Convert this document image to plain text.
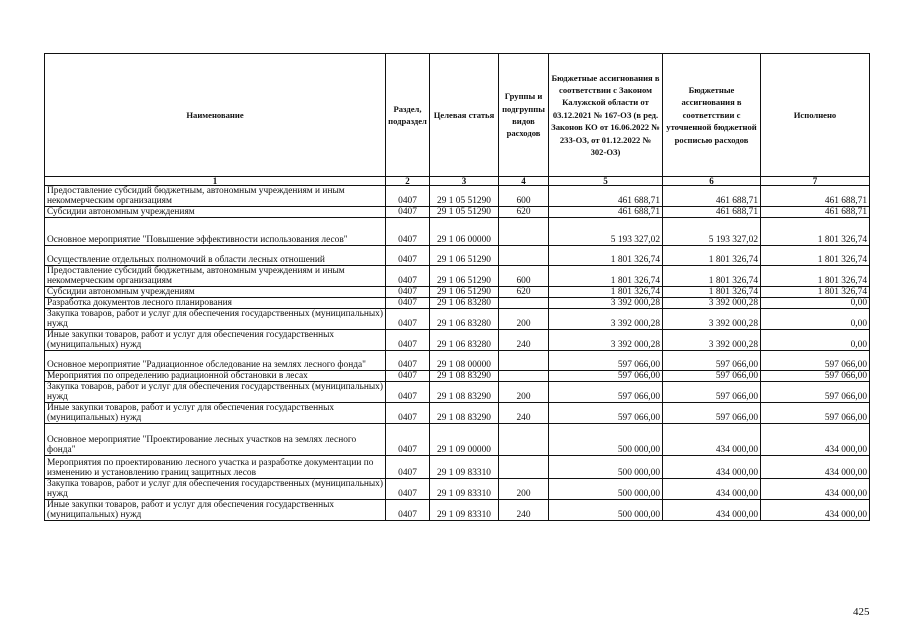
Наименование	Раздел, подраздел	Целевая статья	Группы и подгруппы видов расходов	Бюджетные ассигнования в соответствии с Законом Калужской области от 03.12.2021 № 167-ОЗ (в ред. Законов КО от 16.06.2022 № 233-ОЗ, от 01.12.2022 № 302-ОЗ)	Бюджетные ассигнования в соответствии с уточненной бюджетной росписью расходов	Исполнено
1	2	3	4	5	6	7
Предоставление субсидий бюджетным, автономным учреждениям и иным некоммерческим организациям	0407	29 1 05 51290	600	461 688,71	461 688,71	461 688,71
Субсидии автономным учреждениям	0407	29 1 05 51290	620	461 688,71	461 688,71	461 688,71
Основное мероприятие "Повышение эффективности использования лесов"	0407	29 1 06 00000		5 193 327,02	5 193 327,02	1 801 326,74
Осуществление отдельных полномочий в области лесных отношений	0407	29 1 06 51290		1 801 326,74	1 801 326,74	1 801 326,74
Предоставление субсидий бюджетным, автономным учреждениям и иным некоммерческим организациям	0407	29 1 06 51290	600	1 801 326,74	1 801 326,74	1 801 326,74
Субсидии автономным учреждениям	0407	29 1 06 51290	620	1 801 326,74	1 801 326,74	1 801 326,74
Разработка документов лесного планирования	0407	29 1 06 83280		3 392 000,28	3 392 000,28	0,00
Закупка товаров, работ и услуг для обеспечения государственных (муниципальных) нужд	0407	29 1 06 83280	200	3 392 000,28	3 392 000,28	0,00
Иные закупки товаров, работ и услуг для обеспечения государственных (муниципальных) нужд	0407	29 1 06 83280	240	3 392 000,28	3 392 000,28	0,00
Основное мероприятие "Радиационное обследование на землях лесного фонда"	0407	29 1 08 00000		597 066,00	597 066,00	597 066,00
Мероприятия по определению радиационной обстановки в лесах	0407	29 1 08 83290		597 066,00	597 066,00	597 066,00
Закупка товаров, работ и услуг для обеспечения государственных (муниципальных) нужд	0407	29 1 08 83290	200	597 066,00	597 066,00	597 066,00
Иные закупки товаров, работ и услуг для обеспечения государственных (муниципальных) нужд	0407	29 1 08 83290	240	597 066,00	597 066,00	597 066,00
Основное мероприятие "Проектирование лесных участков на землях лесного фонда"	0407	29 1 09 00000		500 000,00	434 000,00	434 000,00
Мероприятия по проектированию лесного участка и разработке документации по изменению и установлению границ защитных лесов	0407	29 1 09 83310		500 000,00	434 000,00	434 000,00
Закупка товаров, работ и услуг для обеспечения государственных (муниципальных) нужд	0407	29 1 09 83310	200	500 000,00	434 000,00	434 000,00
Иные закупки товаров, работ и услуг для обеспечения государственных (муниципальных) нужд	0407	29 1 09 83310	240	500 000,00	434 000,00	434 000,00
425
